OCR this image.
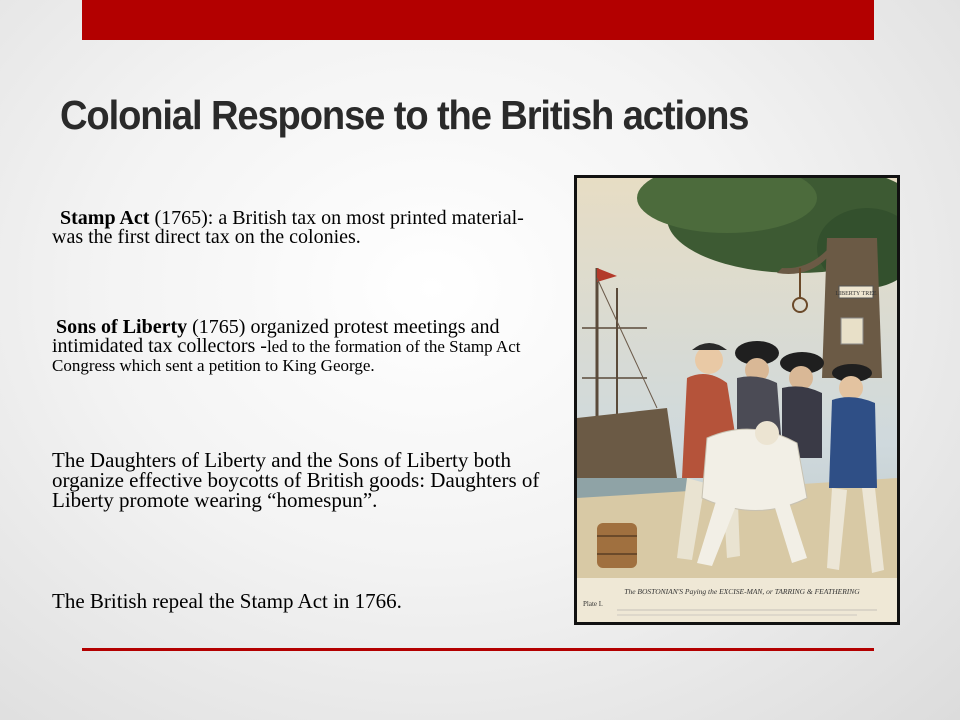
Colonial Response to the British actions
Stamp Act (1765): a British tax on most printed material- was the first direct tax on the colonies.
Sons of Liberty (1765) organized protest meetings and intimidated tax collectors -led to the formation of the Stamp Act Congress which sent a petition to King George.
The Daughters of Liberty and the Sons of Liberty both organize effective boycotts of British goods: Daughters of Liberty promote wearing “homespun”.
The British repeal the Stamp Act in 1766.
LIBERTY TREE
The BOSTONIAN'S Paying the EXCISE-MAN, or TARRING & FEATHERING
Plate I.
